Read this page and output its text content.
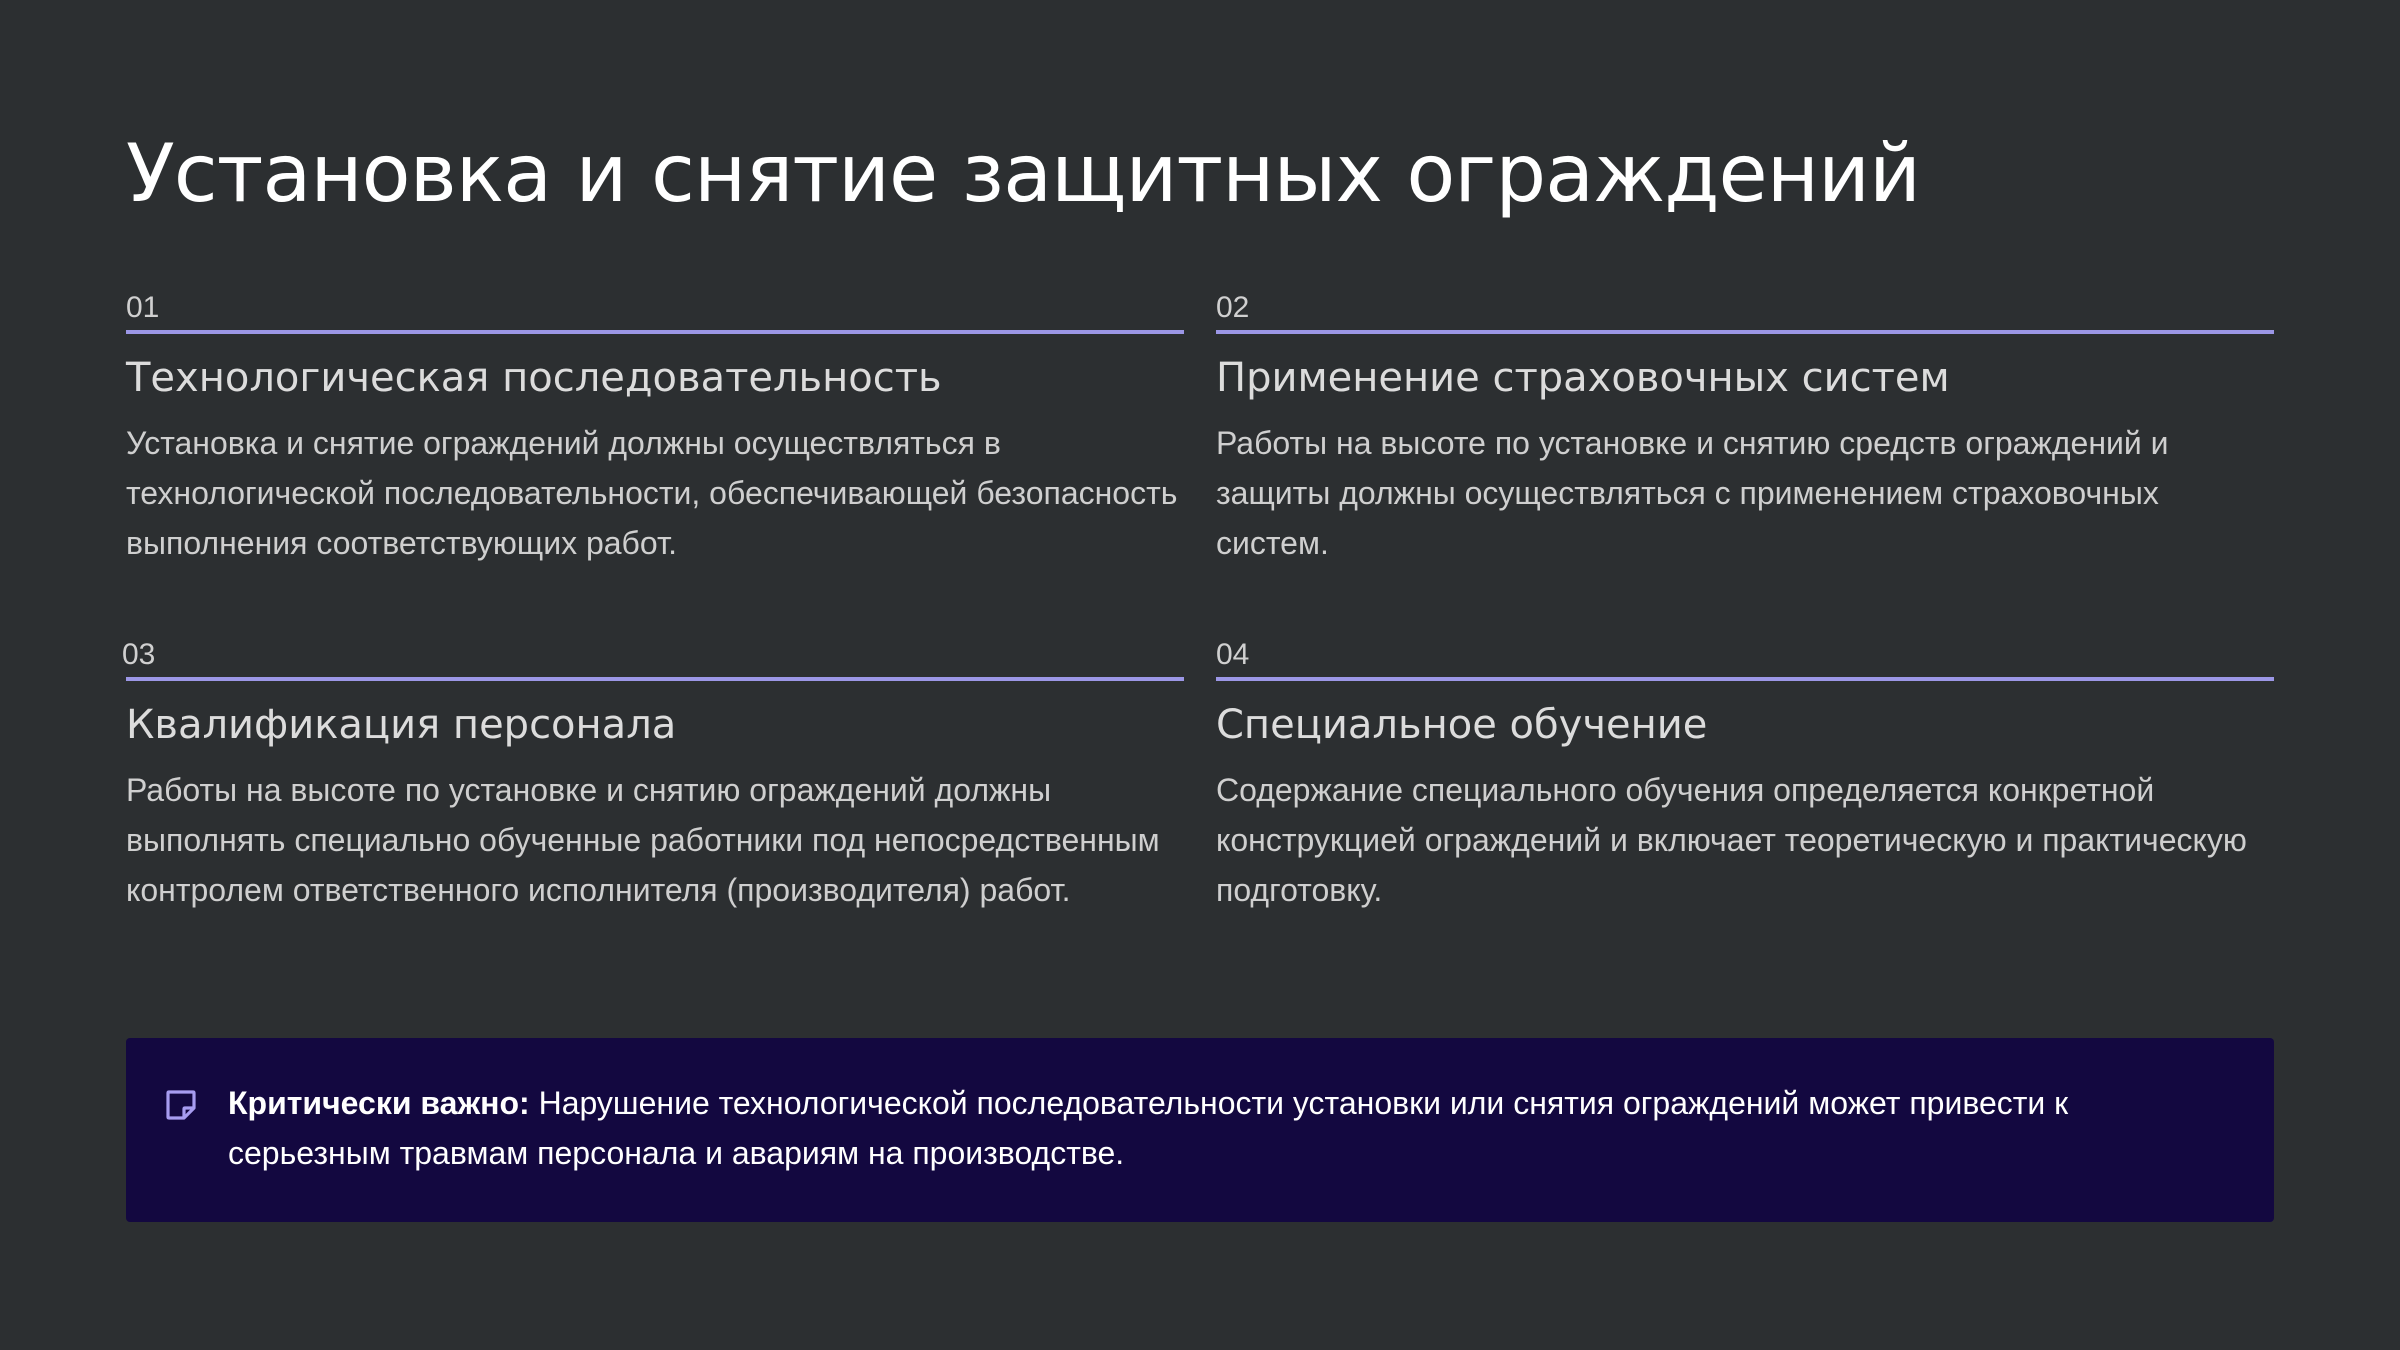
Установка и снятие защитных ограждений
01
Технологическая последовательность
Установка и снятие ограждений должны осуществляться в технологической последовательности, обеспечивающей безопасность выполнения соответствующих работ.
02
Применение страховочных систем
Работы на высоте по установке и снятию средств ограждений и защиты должны осуществляться с применением страховочных систем.
03
Квалификация персонала
Работы на высоте по установке и снятию ограждений должны выполнять специально обученные работники под непосредственным контролем ответственного исполнителя (производителя) работ.
04
Специальное обучение
Содержание специального обучения определяется конкретной конструкцией ограждений и включает теоретическую и практическую подготовку.
Критически важно: Нарушение технологической последовательности установки или снятия ограждений может привести к серьезным травмам персонала и авариям на производстве.
